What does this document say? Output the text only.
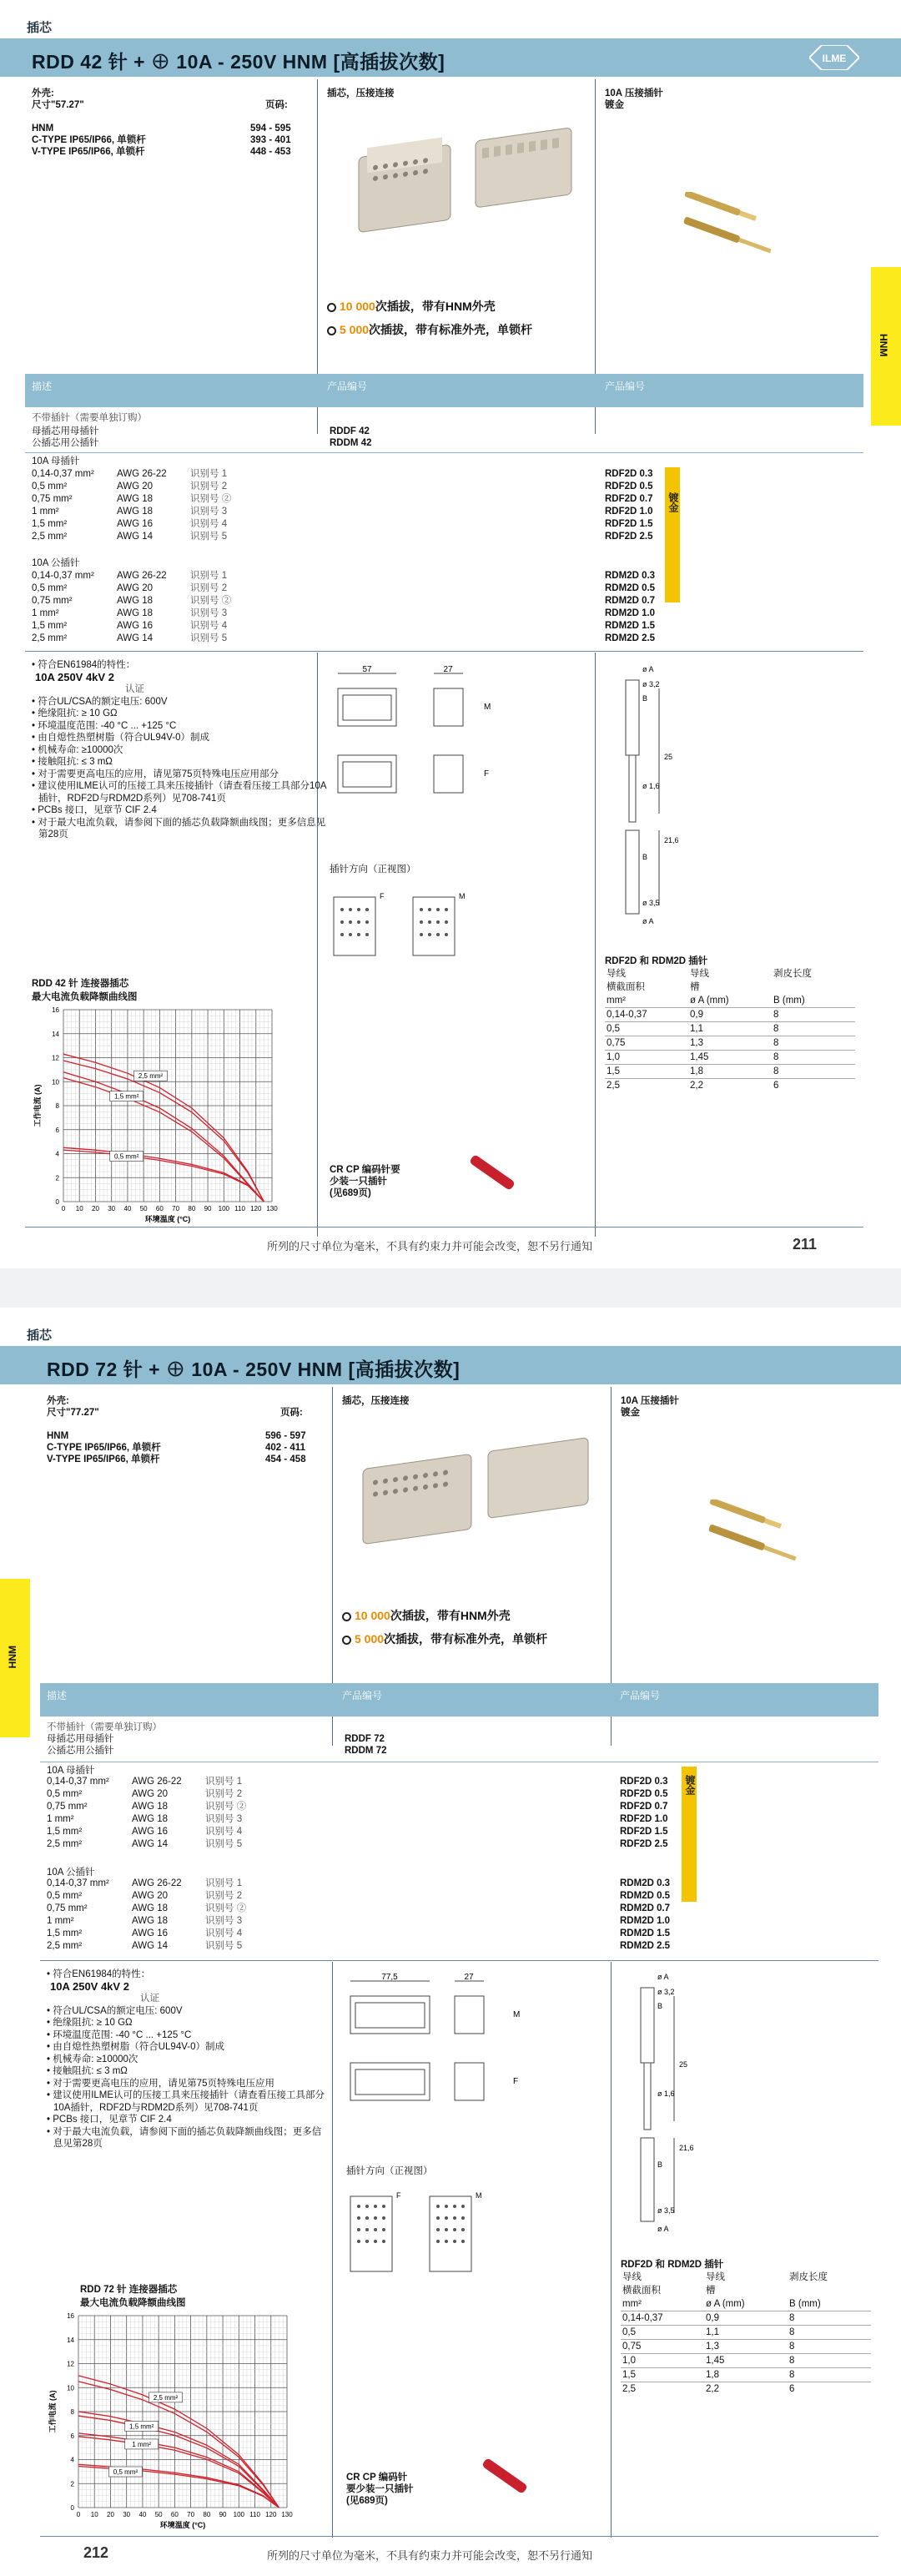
插芯
RDD 42 针 + ⊕ 10A - 250V HNM [高插拔次数]	ILME
外壳:
尺寸"57.27"	页码:
HNM	594 - 595
C-TYPE IP65/IP66, 单锁杆	393 - 401
V-TYPE IP65/IP66, 单锁杆	448 - 453
插芯，压接连接	10A 压接插针
镀金
10 000次插拔，带有HNM外壳
5 000次插拔，带有标准外壳，单锁杆
HNM
描述	产品编号	产品编号
不带插针（需要单独订购）
母插芯用母插针	RDDF 42
公插芯用公插针	RDDM 42
10A 母插针
0,14-0,37 mm² AWG 26-22 识别号 1	RDF2D 0.3
0,5 mm²	AWG 20	识别号 2	RDF2D 0.5
0,75 mm²	AWG 18	识别号 ②	RDF2D 0.7
1 mm²	AWG 18	识别号 3	RDF2D 1.0
1,5 mm²	AWG 16	识别号 4	RDF2D 1.5
2,5 mm²	AWG 14	识别号 5	RDF2D 2.5
10A 公插针
0,14-0,37 mm² AWG 26-22 识别号 1	RDM2D 0.3
0,5 mm²	AWG 20	识别号 2	RDM2D 0.5
0,75 mm²	AWG 18	识别号 ②	RDM2D 0.7
1 mm²	AWG 18	识别号 3	RDM2D 1.0
1,5 mm²	AWG 16	识别号 4	RDM2D 1.5
2,5 mm²	AWG 14	识别号 5	RDM2D 2.5
镀金
• 符合EN61984的特性：
10A 250V 4kV 2
认证
• 符合UL/CSA的额定电压: 600V
• 绝缘阻抗: ≥ 10 GΩ
• 环境温度范围: -40 °C ... +125 °C
• 由自熄性热塑树脂（符合UL94V-0）制成
• 机械寿命: ≥10000次
• 接触阻抗: ≤ 3 mΩ
• 对于需要更高电压的应用，请见第75页特殊电压应用部分
• 建议使用ILME认可的压接工具来压接插针（请查看压接工具部分10A插针，RDF2D与RDM2D系列）见708-741页
• PCBs 接口，见章节 CIF 2.4
• 对于最大电流负载，请参阅下面的插芯负载降额曲线图；更多信息见第28页
57	27
M
F
插针方向（正视图）
F	M
ø A
ø 3,2
B
25
ø 1,6
21,6
B
ø 3,5
ø A
RDD 42 针 连接器插芯
最大电流负载降额曲线图
0 10 20 30 40 50 60 70 80 90 100 110 120 130
0
2
4
6
8
10
12
14
16
环境温度 (°C)
工作电流 (A)
2,5 mm²
1,5 mm²
0,5 mm²
CR CP 编码针要
少装一只插针
(见689页)
RDF2D 和 RDM2D 插针
导线	导线	剥皮长度
横截面积	槽	
mm²	ø A (mm)	B (mm)
0,14-0,37	0,9	8
0,5	1,1	8
0,75	1,3	8
1,0	1,45	8
1,5	1,8	8
2,5	2,2	6
所列的尺寸单位为毫米，不具有约束力并可能会改变，恕不另行通知	211
插芯
RDD 72 针 + ⊕ 10A - 250V HNM [高插拔次数]
外壳:
尺寸"77.27"	页码:
HNM	596 - 597
C-TYPE IP65/IP66, 单锁杆	402 - 411
V-TYPE IP65/IP66, 单锁杆	454 - 458
插芯，压接连接	10A 压接插针
镀金
10 000次插拔，带有HNM外壳
5 000次插拔，带有标准外壳，单锁杆
HNM
描述	产品编号	产品编号
不带插针（需要单独订购）
母插芯用母插针	RDDF 72
公插芯用公插针	RDDM 72
10A 母插针
0,14-0,37 mm² AWG 26-22 识别号 1	RDF2D 0.3
0,5 mm²	AWG 20	识别号 2	RDF2D 0.5
0,75 mm²	AWG 18	识别号 ②	RDF2D 0.7
1 mm²	AWG 18	识别号 3	RDF2D 1.0
1,5 mm²	AWG 16	识别号 4	RDF2D 1.5
2,5 mm²	AWG 14	识别号 5	RDF2D 2.5
10A 公插针
0,14-0,37 mm² AWG 26-22 识别号 1	RDM2D 0.3
0,5 mm²	AWG 20	识别号 2	RDM2D 0.5
0,75 mm²	AWG 18	识别号 ②	RDM2D 0.7
1 mm²	AWG 18	识别号 3	RDM2D 1.0
1,5 mm²	AWG 16	识别号 4	RDM2D 1.5
2,5 mm²	AWG 14	识别号 5	RDM2D 2.5
镀金
• 符合EN61984的特性：
10A 250V 4kV 2
认证
• 符合UL/CSA的额定电压: 600V
• 绝缘阻抗: ≥ 10 GΩ
• 环境温度范围: -40 °C ... +125 °C
• 由自熄性热塑树脂（符合UL94V-0）制成
• 机械寿命: ≥10000次
• 接触阻抗: ≤ 3 mΩ
• 对于需要更高电压的应用，请见第75页特殊电压应用
• 建议使用ILME认可的压接工具来压接插针（请查看压接工具部分10A插针，RDF2D与RDM2D系列）见708-741页
• PCBs 接口，见章节 CIF 2.4
• 对于最大电流负载，请参阅下面的插芯负载降额曲线图；更多信息见第28页
77,5	27
M
F
插针方向（正视图）
F	M
ø A
ø 3,2
B
25
ø 1,6
21,6
B
ø 3,5
ø A
RDD 72 针 连接器插芯
最大电流负载降额曲线图
0 10 20 30 40 50 60 70 80 90 100 110 120 130
0
2
4
6
8
10
12
14
16
环境温度 (°C)
工作电流 (A)	2,5 mm²
1,5 mm²
1 mm²
0,5 mm²
CR CP 编码针
要少装一只插针
(见689页)
RDF2D 和 RDM2D 插针
导线	导线	剥皮长度
横截面积	槽	
mm²	ø A (mm)	B (mm)
0,14-0,37	0,9	8
0,5	1,1	8
0,75	1,3	8
1,0	1,45	8
1,5	1,8	8
2,5	2,2	6
212	所列的尺寸单位为毫米，不具有约束力并可能会改变，恕不另行通知
